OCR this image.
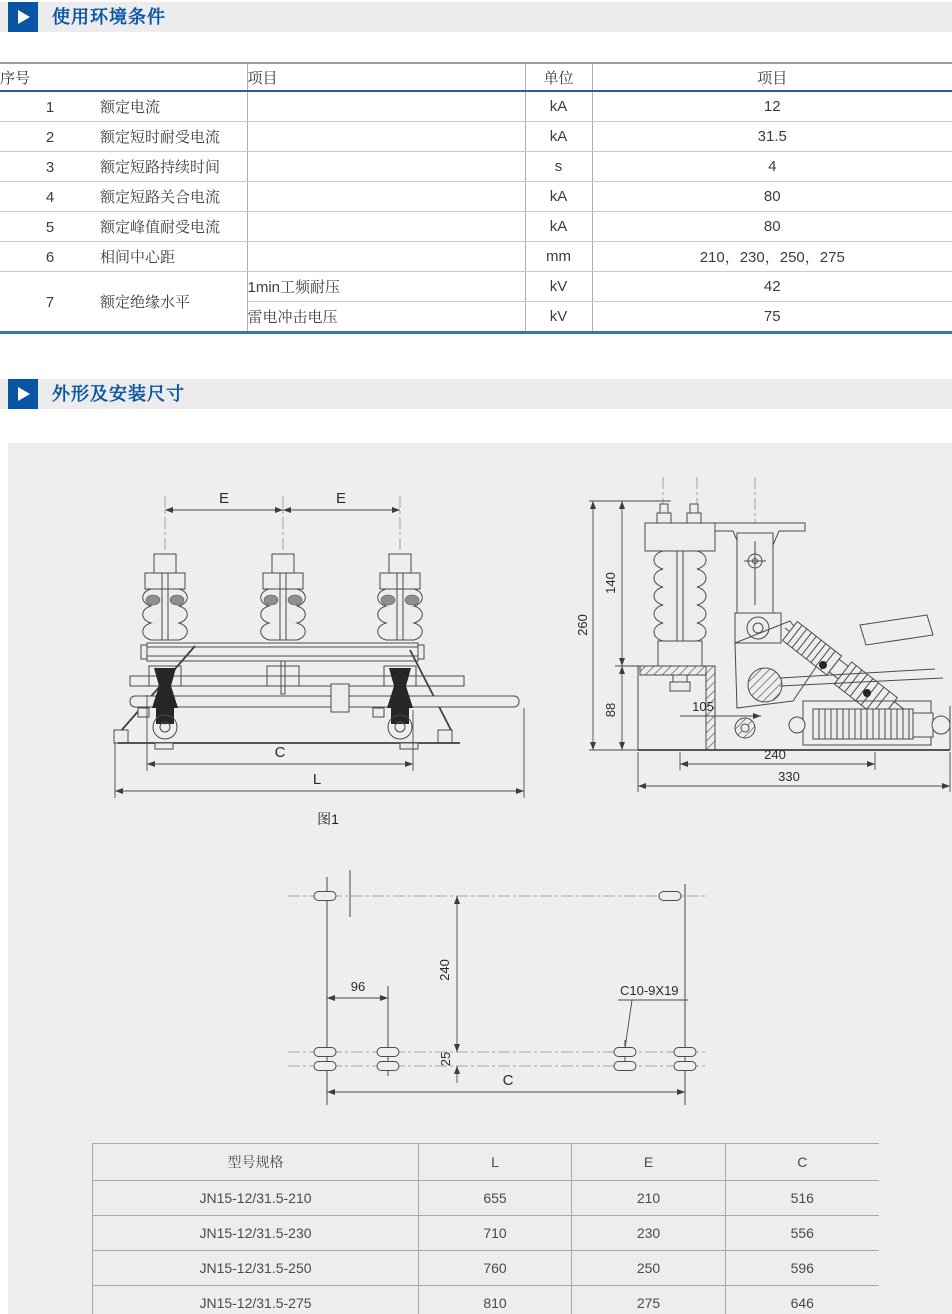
使用环境条件
序号	项目	单位	项目
1 额定电流		kA	12
2 额定短时耐受电流		kA	31.5
3 额定短路持续时间		s	4
4 额定短路关合电流		kA	80
5 额定峰值耐受电流		kA	80
6 相间中心距		mm	210，230，250，275
7 额定绝缘水平	1min工频耐压	kV	42
	雷电冲击电压	kV	75
外形及安装尺寸
E	E
C
L
图1
260
140
88	105
240
330
96
240
25
C
C10-9X19
型号规格	L	E	C
JN15-12/31.5-210	655	210	516
JN15-12/31.5-230	710	230	556
JN15-12/31.5-250	760	250	596
JN15-12/31.5-275	810	275	646
